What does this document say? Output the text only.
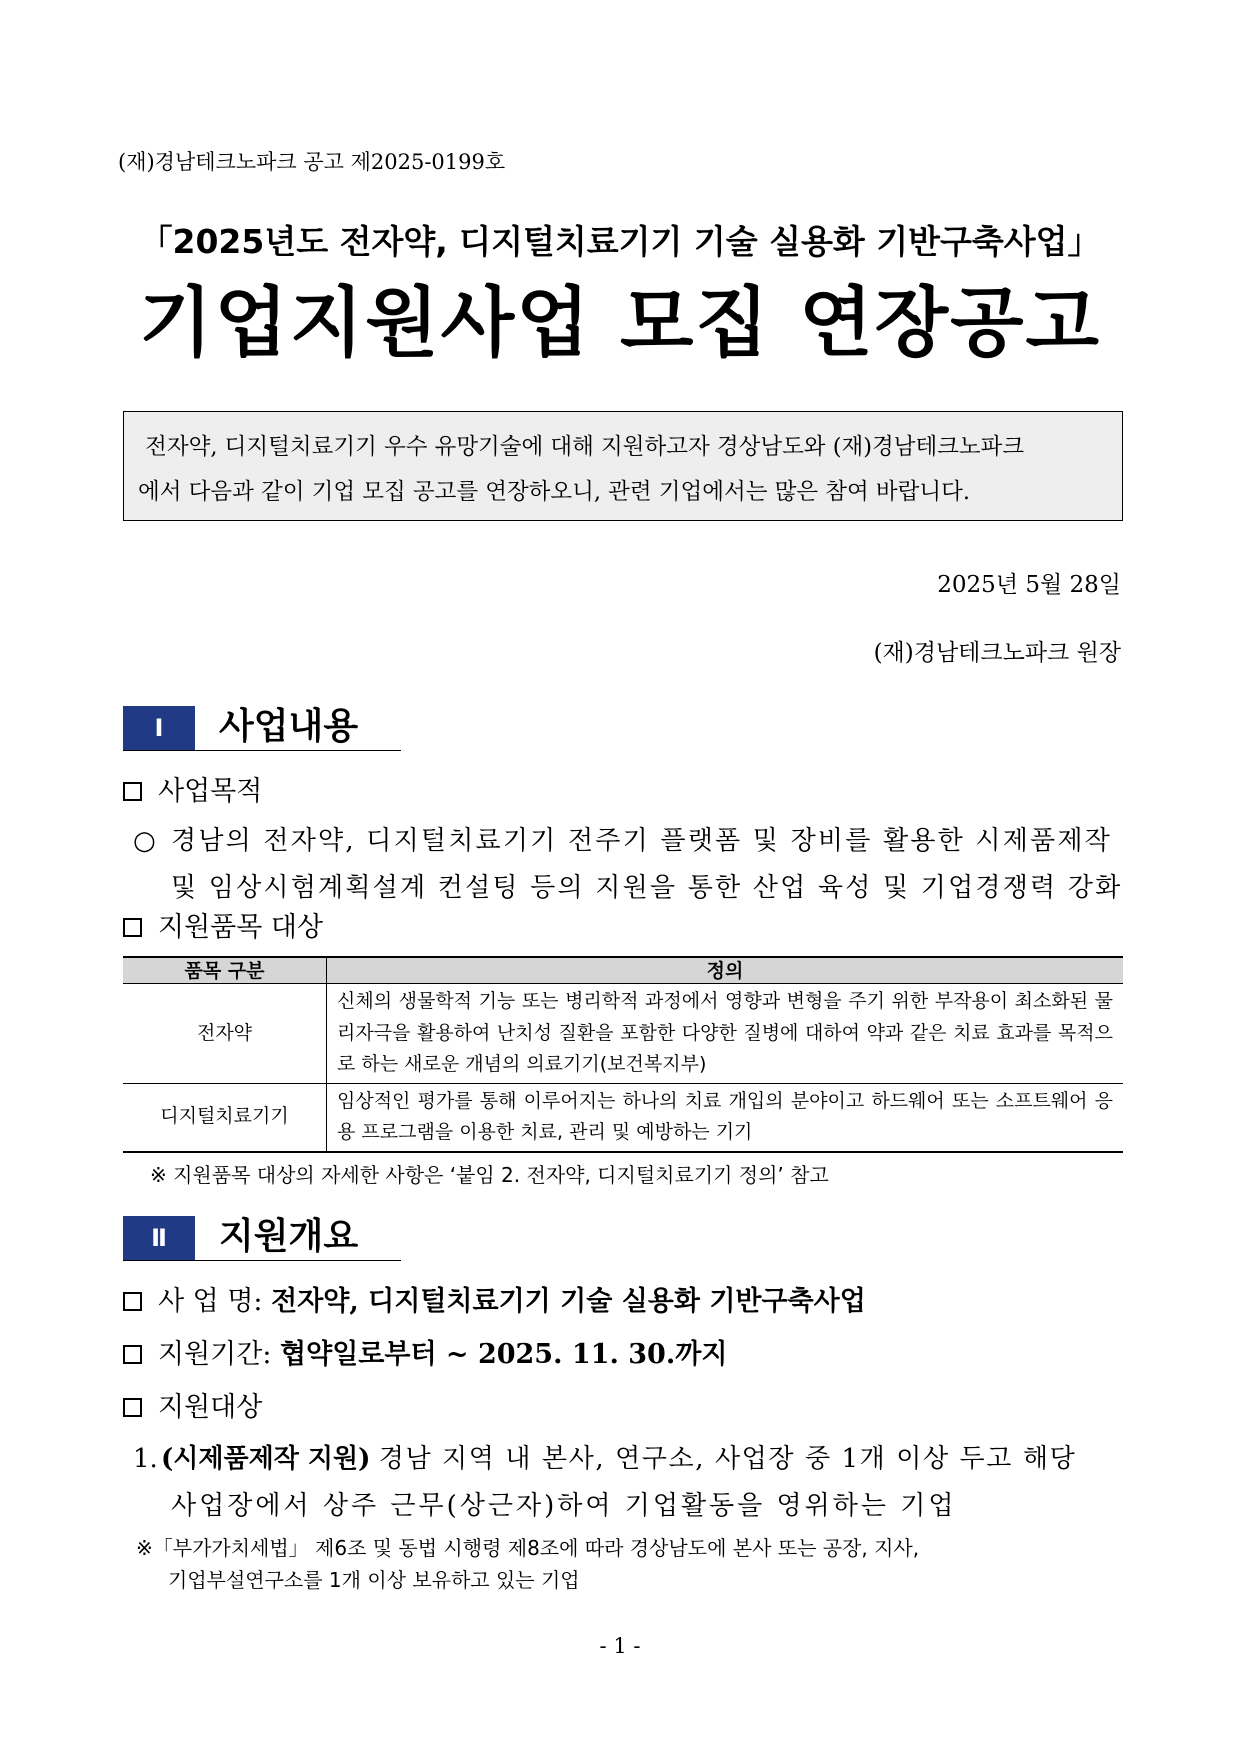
(재)경남테크노파크 공고 제2025-0199호
「2025년도 전자약, 디지털치료기기 기술 실용화 기반구축사업」
기업지원사업 모집 연장공고

전자약, 디지털치료기기 우수 유망기술에 대해 지원하고자 경상남도와 (재)경남테크노파크

에서 다음과 같이 기업 모집 공고를 연장하오니, 관련 기업에서는 많은 참여 바랍니다.

2025년 5월 28일
(재)경남테크노파크 원장
Ⅰ	사업내용
사업목적

○ 경남의 전자약, 디지털치료기기 전주기 플랫폼 및 장비를 활용한 시제품제작

및 임상시험계획설계 컨설팅 등의 지원을 통한 산업 육성 및 기업경쟁력 강화

지원품목 대상
품목 구분	정의
전자약	신체의 생물학적 기능 또는 병리학적 과정에서 영향과 변형을 주기 위한 부작용이 최소화된 물리자극을 활용하여 난치성 질환을 포함한 다양한 질병에 대하여 약과 같은 치료 효과를 목적으로 하는 새로운 개념의 의료기기(보건복지부)
디지털치료기기	임상적인 평가를 통해 이루어지는 하나의 치료 개입의 분야이고 하드웨어 또는 소프트웨어 응용 프로그램을 이용한 치료, 관리 및 예방하는 기기
※ 지원품목 대상의 자세한 사항은 ‘붙임 2. 전자약, 디지털치료기기 정의’ 참고
Ⅱ	지원개요
사 업 명: 전자약, 디지털치료기기 기술 실용화 기반구축사업
지원기간: 협약일로부터 ~ 2025. 11. 30.까지
지원대상

1. (시제품제작 지원) 경남 지역 내 본사, 연구소, 사업장 중 1개 이상 두고 해당

사업장에서 상주 근무(상근자)하여 기업활동을 영위하는 기업

※「부가가치세법」 제6조 및 동법 시행령 제8조에 따라 경상남도에 본사 또는 공장, 지사,
기업부설연구소를 1개 이상 보유하고 있는 기업
- 1 -
